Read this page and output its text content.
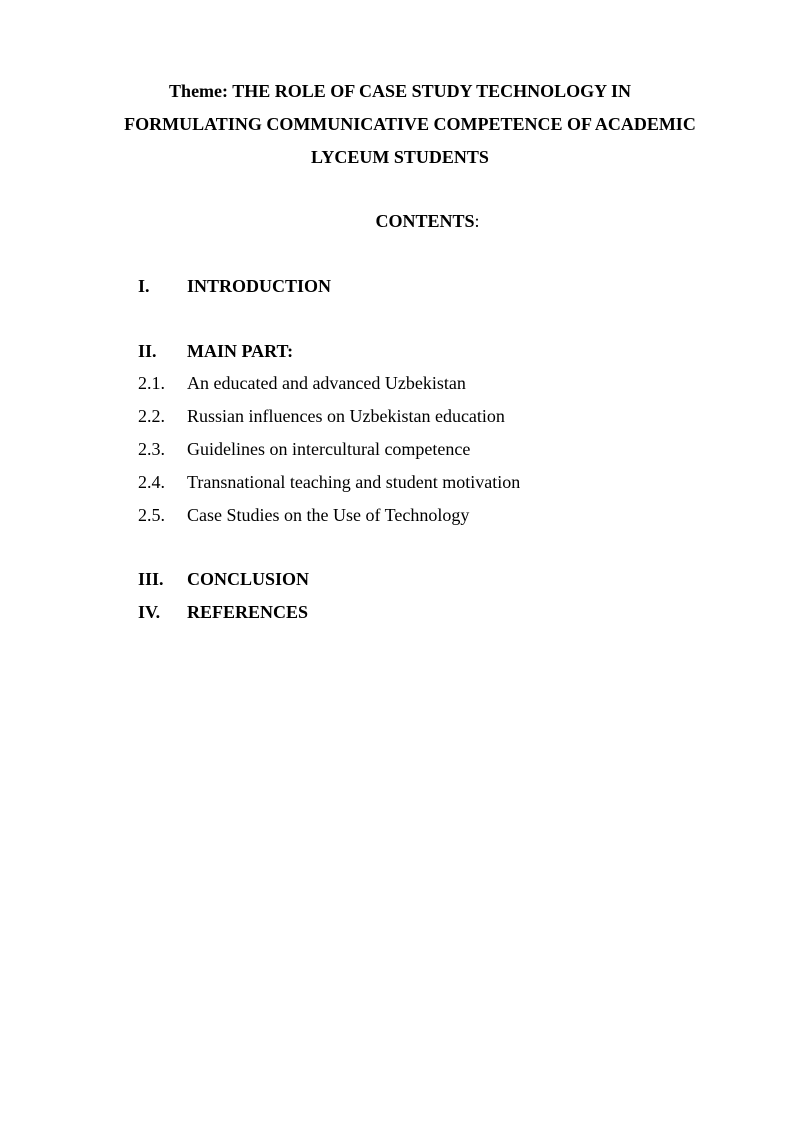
Theme: THE ROLE OF CASE STUDY TECHNOLOGY IN
FORMULATING COMMUNICATIVE COMPETENCE OF ACADEMIC
LYCEUM STUDENTS
CONTENTS:
I. INTRODUCTION
II. MAIN PART:
2.1. An educated and advanced Uzbekistan
2.2. Russian influences on Uzbekistan education
2.3. Guidelines on intercultural competence
2.4. Transnational teaching and student motivation
2.5. Case Studies on the Use of Technology
III. CONCLUSION
IV. REFERENCES
